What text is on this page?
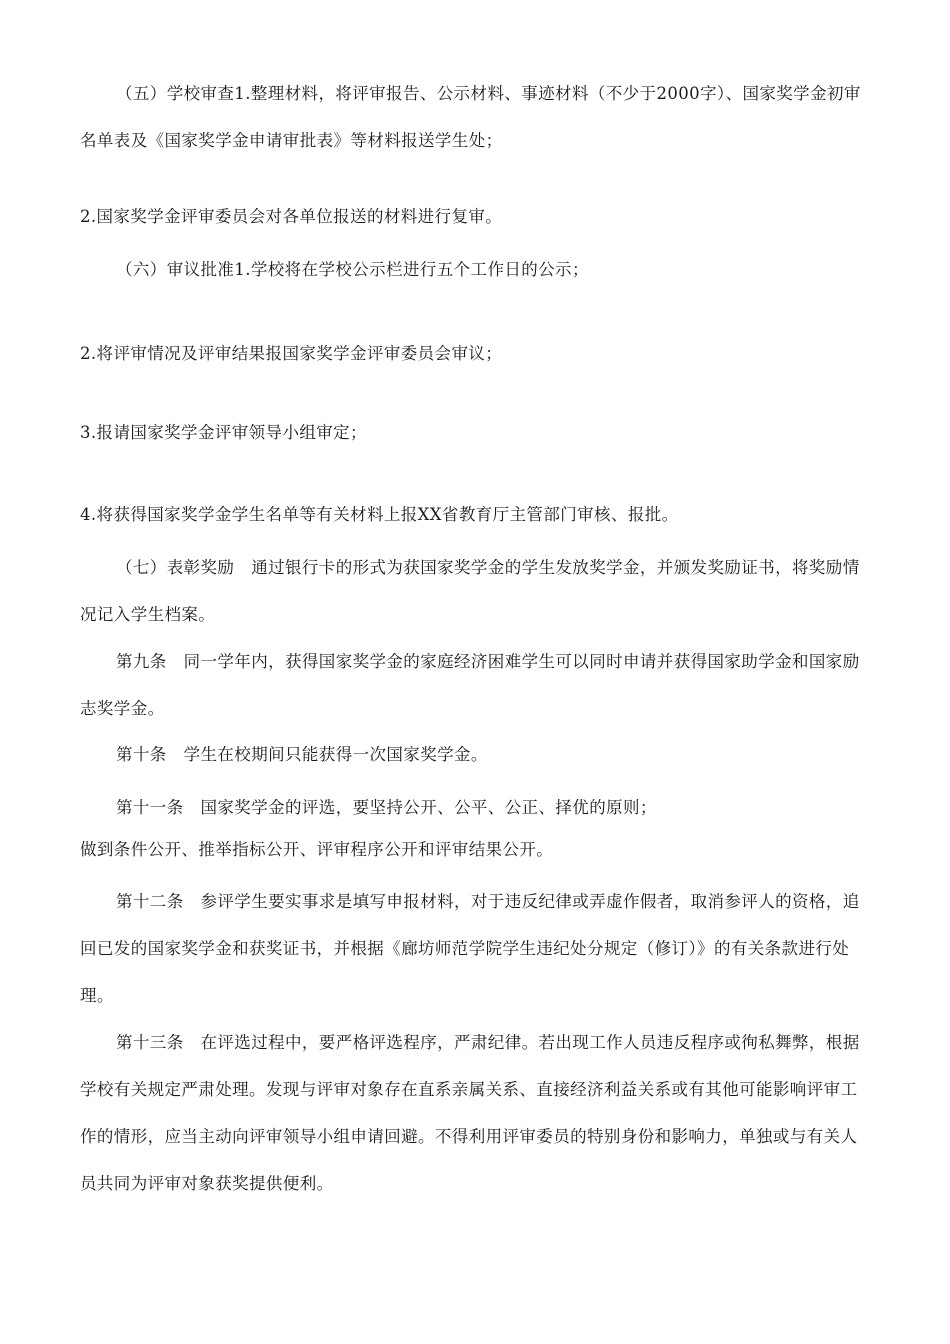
（五）学校审查1.整理材料，将评审报告、公示材料、事迹材料（不少于2000字）、国家奖学金初审名单表及《国家奖学金申请审批表》等材料报送学生处；

2.国家奖学金评审委员会对各单位报送的材料进行复审。

（六）审议批准1.学校将在学校公示栏进行五个工作日的公示；

2.将评审情况及评审结果报国家奖学金评审委员会审议；

3.报请国家奖学金评审领导小组审定；

4.将获得国家奖学金学生名单等有关材料上报XX省教育厅主管部门审核、报批。

（七）表彰奖励　通过银行卡的形式为获国家奖学金的学生发放奖学金，并颁发奖励证书，将奖励情况记入学生档案。

第九条　同一学年内，获得国家奖学金的家庭经济困难学生可以同时申请并获得国家助学金和国家励志奖学金。

第十条　学生在校期间只能获得一次国家奖学金。

第十一条　国家奖学金的评选，要坚持公开、公平、公正、择优的原则；

做到条件公开、推举指标公开、评审程序公开和评审结果公开。

第十二条　参评学生要实事求是填写申报材料，对于违反纪律或弄虚作假者，取消参评人的资格，追回已发的国家奖学金和获奖证书，并根据《廊坊师范学院学生违纪处分规定（修订）》的有关条款进行处理。

第十三条　在评选过程中，要严格评选程序，严肃纪律。若出现工作人员违反程序或徇私舞弊，根据学校有关规定严肃处理。发现与评审对象存在直系亲属关系、直接经济利益关系或有其他可能影响评审工作的情形，应当主动向评审领导小组申请回避。不得利用评审委员的特别身份和影响力，单独或与有关人员共同为评审对象获奖提供便利。
